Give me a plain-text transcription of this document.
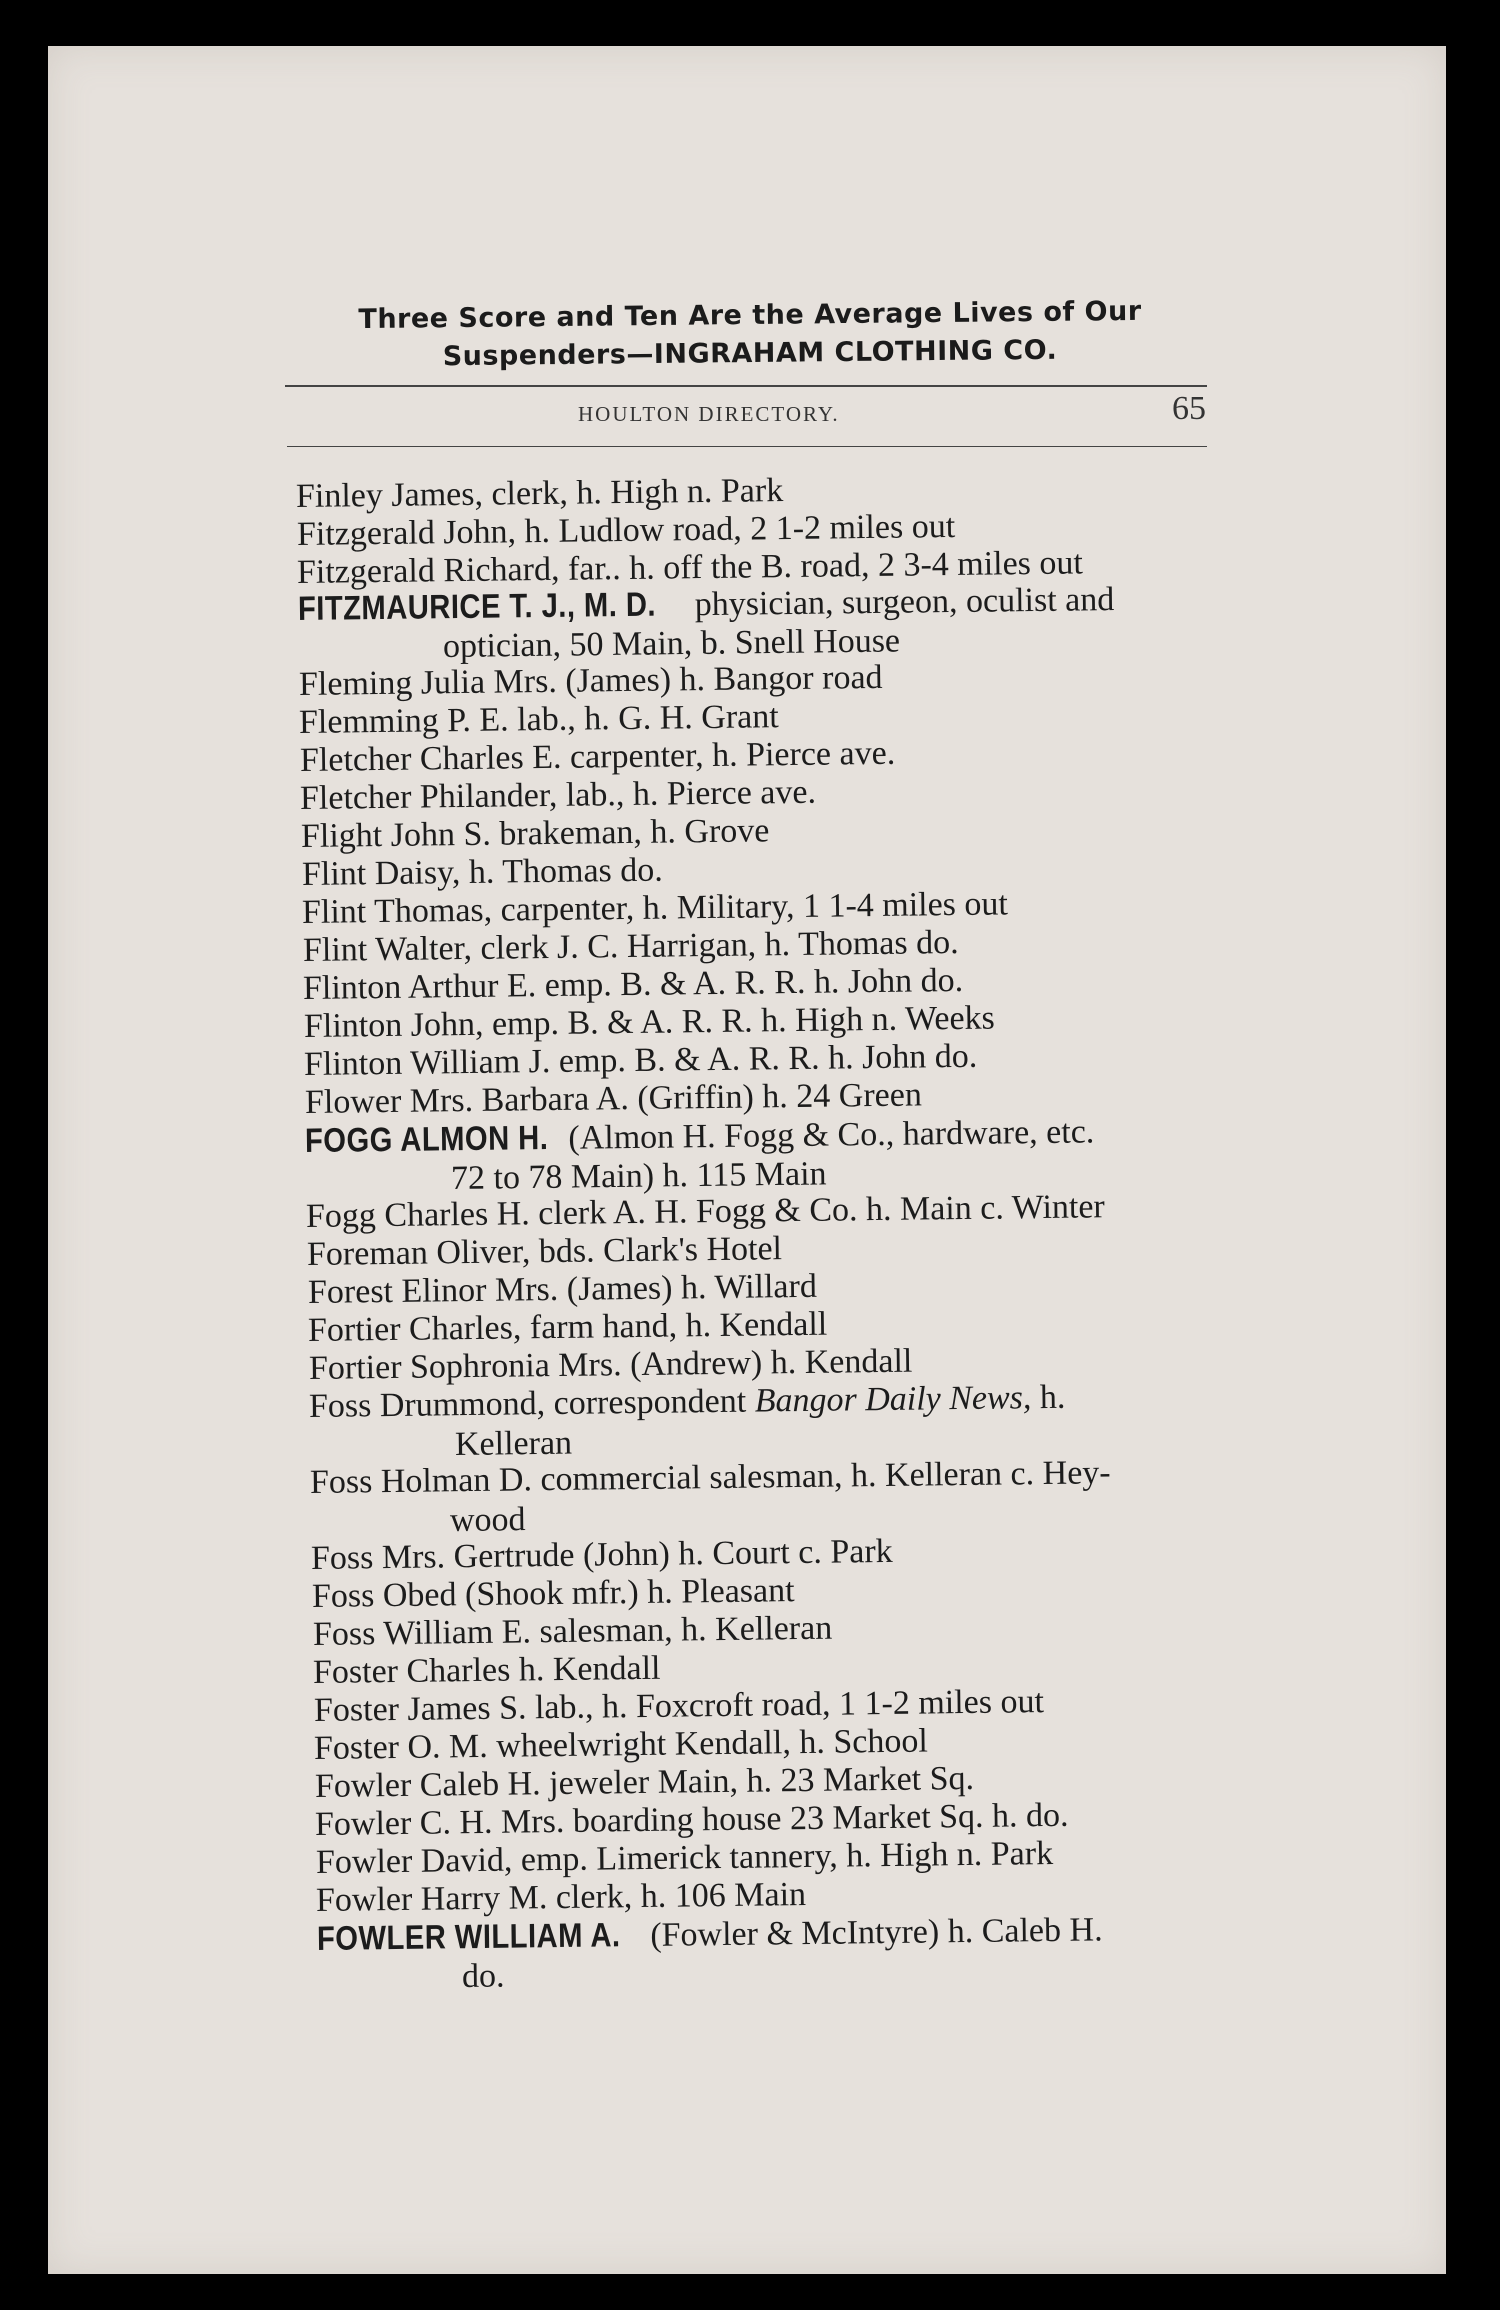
Three Score and Ten Are the Average Lives of Our
Suspenders—INGRAHAM CLOTHING CO.
HOULTON DIRECTORY.	65
Finley James, clerk, h. High n. Park
Fitzgerald John, h. Ludlow road, 2 1-2 miles out
Fitzgerald Richard, far.. h. off the B. road, 2 3-4 miles out
FITZMAURICE T. J., M. D. physician, surgeon, oculist and
optician, 50 Main, b. Snell House
Fleming Julia Mrs. (James) h. Bangor road
Flemming P. E. lab., h. G. H. Grant
Fletcher Charles E. carpenter, h. Pierce ave.
Fletcher Philander, lab., h. Pierce ave.
Flight John S. brakeman, h. Grove
Flint Daisy, h. Thomas do.
Flint Thomas, carpenter, h. Military, 1 1-4 miles out
Flint Walter, clerk J. C. Harrigan, h. Thomas do.
Flinton Arthur E. emp. B. & A. R. R. h. John do.
Flinton John, emp. B. & A. R. R. h. High n. Weeks
Flinton William J. emp. B. & A. R. R. h. John do.
Flower Mrs. Barbara A. (Griffin) h. 24 Green
FOGG ALMON H. (Almon H. Fogg & Co., hardware, etc.
72 to 78 Main) h. 115 Main
Fogg Charles H. clerk A. H. Fogg & Co. h. Main c. Winter
Foreman Oliver, bds. Clark's Hotel
Forest Elinor Mrs. (James) h. Willard
Fortier Charles, farm hand, h. Kendall
Fortier Sophronia Mrs. (Andrew) h. Kendall
Foss Drummond, correspondent Bangor Daily News, h.
Kelleran
Foss Holman D. commercial salesman, h. Kelleran c. Hey-
wood
Foss Mrs. Gertrude (John) h. Court c. Park
Foss Obed (Shook mfr.) h. Pleasant
Foss William E. salesman, h. Kelleran
Foster Charles h. Kendall
Foster James S. lab., h. Foxcroft road, 1 1-2 miles out
Foster O. M. wheelwright Kendall, h. School
Fowler Caleb H. jeweler Main, h. 23 Market Sq.
Fowler C. H. Mrs. boarding house 23 Market Sq. h. do.
Fowler David, emp. Limerick tannery, h. High n. Park
Fowler Harry M. clerk, h. 106 Main
FOWLER WILLIAM A. (Fowler & McIntyre) h. Caleb H.
do.
